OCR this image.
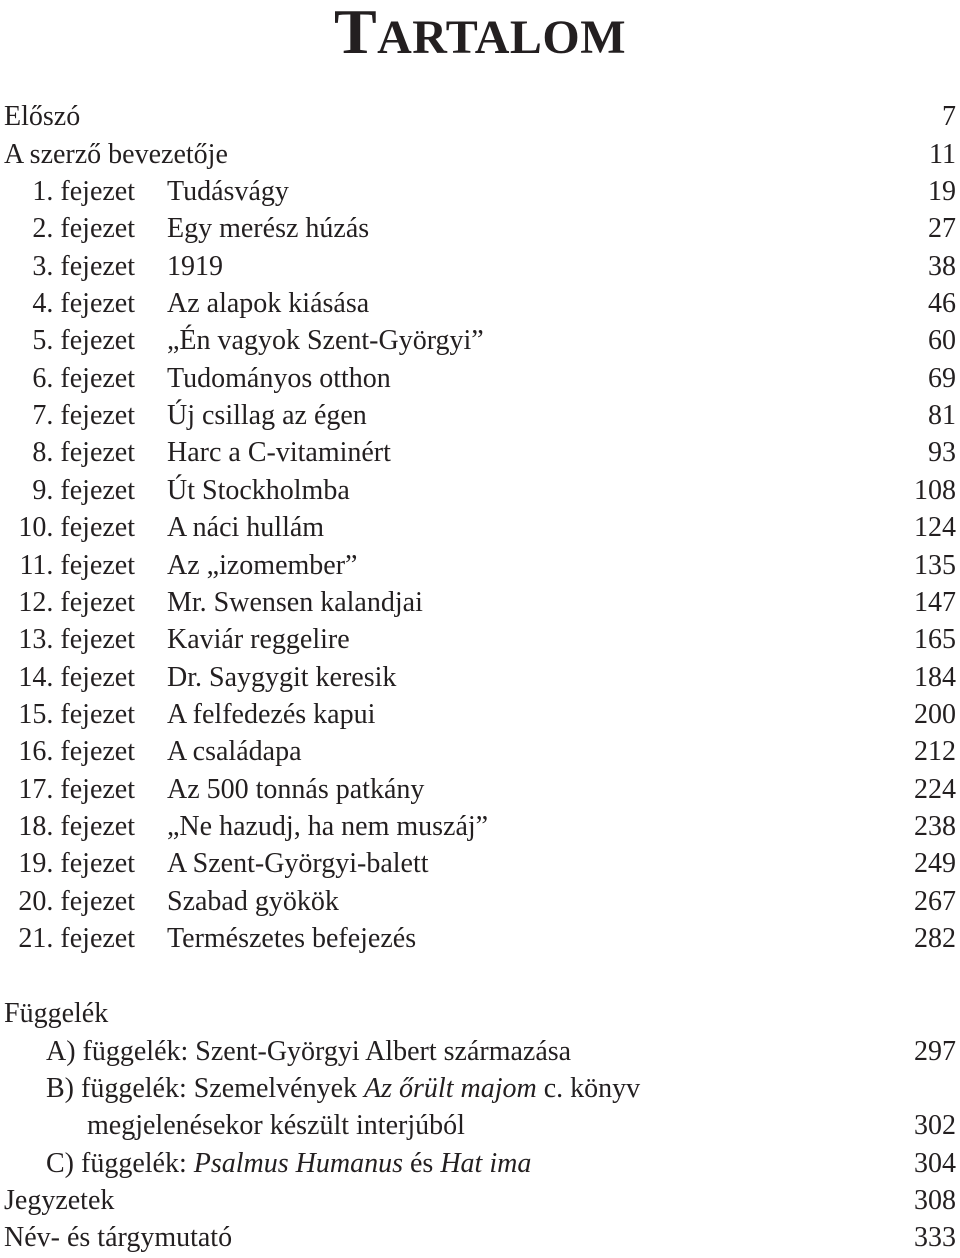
TARTALOM
Előszó	7
A szerző bevezetője	11
1. fejezet Tudásvágy	19
2. fejezet Egy merész húzás	27
3. fejezet 1919	38
4. fejezet Az alapok kiásása	46
5. fejezet „Én vagyok Szent-Györgyi”	60
6. fejezet Tudományos otthon	69
7. fejezet Új csillag az égen	81
8. fejezet Harc a C-vitaminért	93
9. fejezet Út Stockholmba	108
10. fejezet A náci hullám	124
11. fejezet Az „izomember”	135
12. fejezet Mr. Swensen kalandjai	147
13. fejezet Kaviár reggelire	165
14. fejezet Dr. Saygygit keresik	184
15. fejezet A felfedezés kapui	200
16. fejezet A családapa	212
17. fejezet Az 500 tonnás patkány	224
18. fejezet „Ne hazudj, ha nem muszáj”	238
19. fejezet A Szent-Györgyi-balett	249
20. fejezet Szabad gyökök	267
21. fejezet Természetes befejezés	282
Függelék
A) függelék: Szent-Györgyi Albert származása	297
B) függelék: Szemelvények Az őrült majom c. könyv
megjelenésekor készült interjúból	302
C) függelék: Psalmus Humanus és Hat ima	304
Jegyzetek	308
Név- és tárgymutató	333
